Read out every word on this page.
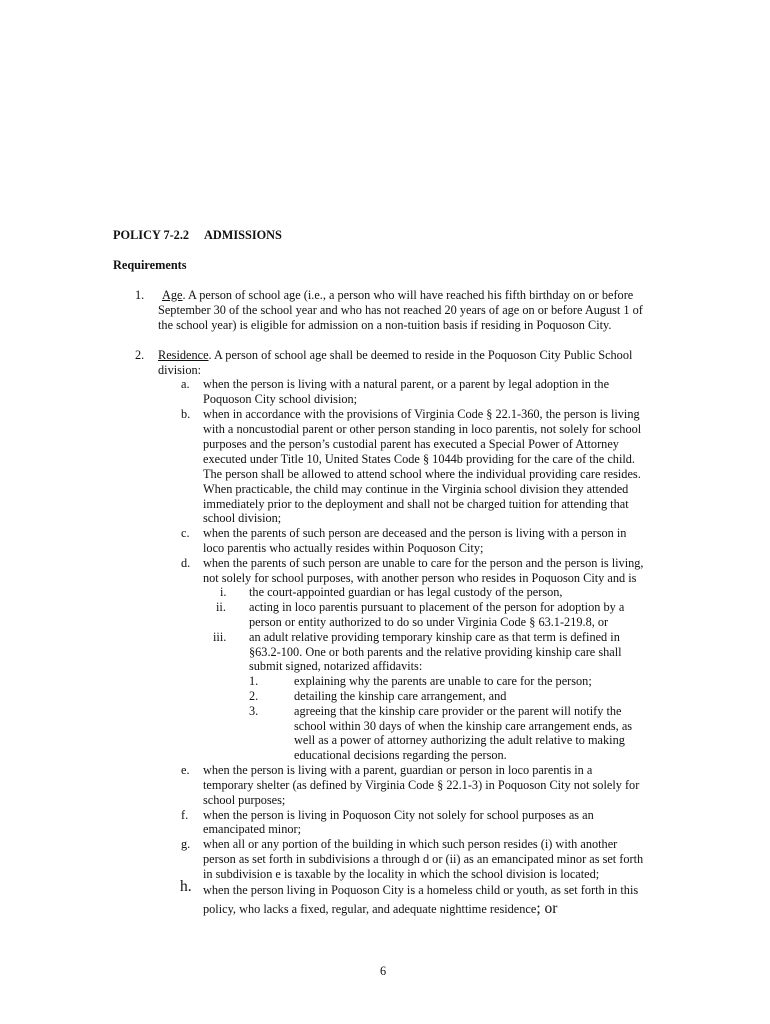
POLICY 7-2.2 ADMISSIONS
Requirements
1. Age. A person of school age (i.e., a person who will have reached his fifth birthday on or before
September 30 of the school year and who has not reached 20 years of age on or before August 1 of
the school year) is eligible for admission on a non-tuition basis if residing in Poquoson City.
2. Residence. A person of school age shall be deemed to reside in the Poquoson City Public School
division:
a. when the person is living with a natural parent, or a parent by legal adoption in the
Poquoson City school division;
b. when in accordance with the provisions of Virginia Code § 22.1-360, the person is living
with a noncustodial parent or other person standing in loco parentis, not solely for school
purposes and the person’s custodial parent has executed a Special Power of Attorney
executed under Title 10, United States Code § 1044b providing for the care of the child.
The person shall be allowed to attend school where the individual providing care resides.
When practicable, the child may continue in the Virginia school division they attended
immediately prior to the deployment and shall not be charged tuition for attending that
school division;
c. when the parents of such person are deceased and the person is living with a person in
loco parentis who actually resides within Poquoson City;
d. when the parents of such person are unable to care for the person and the person is living,
not solely for school purposes, with another person who resides in Poquoson City and is
i. the court-appointed guardian or has legal custody of the person,
ii. acting in loco parentis pursuant to placement of the person for adoption by a
person or entity authorized to do so under Virginia Code § 63.1-219.8, or
iii. an adult relative providing temporary kinship care as that term is defined in
§63.2-100. One or both parents and the relative providing kinship care shall
submit signed, notarized affidavits:
1.	explaining why the parents are unable to care for the person;
2.	detailing the kinship care arrangement, and
3.	agreeing that the kinship care provider or the parent will notify the
school within 30 days of when the kinship care arrangement ends, as
well as a power of attorney authorizing the adult relative to making
educational decisions regarding the person.
e. when the person is living with a parent, guardian or person in loco parentis in a
temporary shelter (as defined by Virginia Code § 22.1-3) in Poquoson City not solely for
school purposes;
f. when the person is living in Poquoson City not solely for school purposes as an
emancipated minor;
g. when all or any portion of the building in which such person resides (i) with another
person as set forth in subdivisions a through d or (ii) as an emancipated minor as set forth
in subdivision e is taxable by the locality in which the school division is located;
h. when the person living in Poquoson City is a homeless child or youth, as set forth in this
policy, who lacks a fixed, regular, and adequate nighttime residence; or
6
